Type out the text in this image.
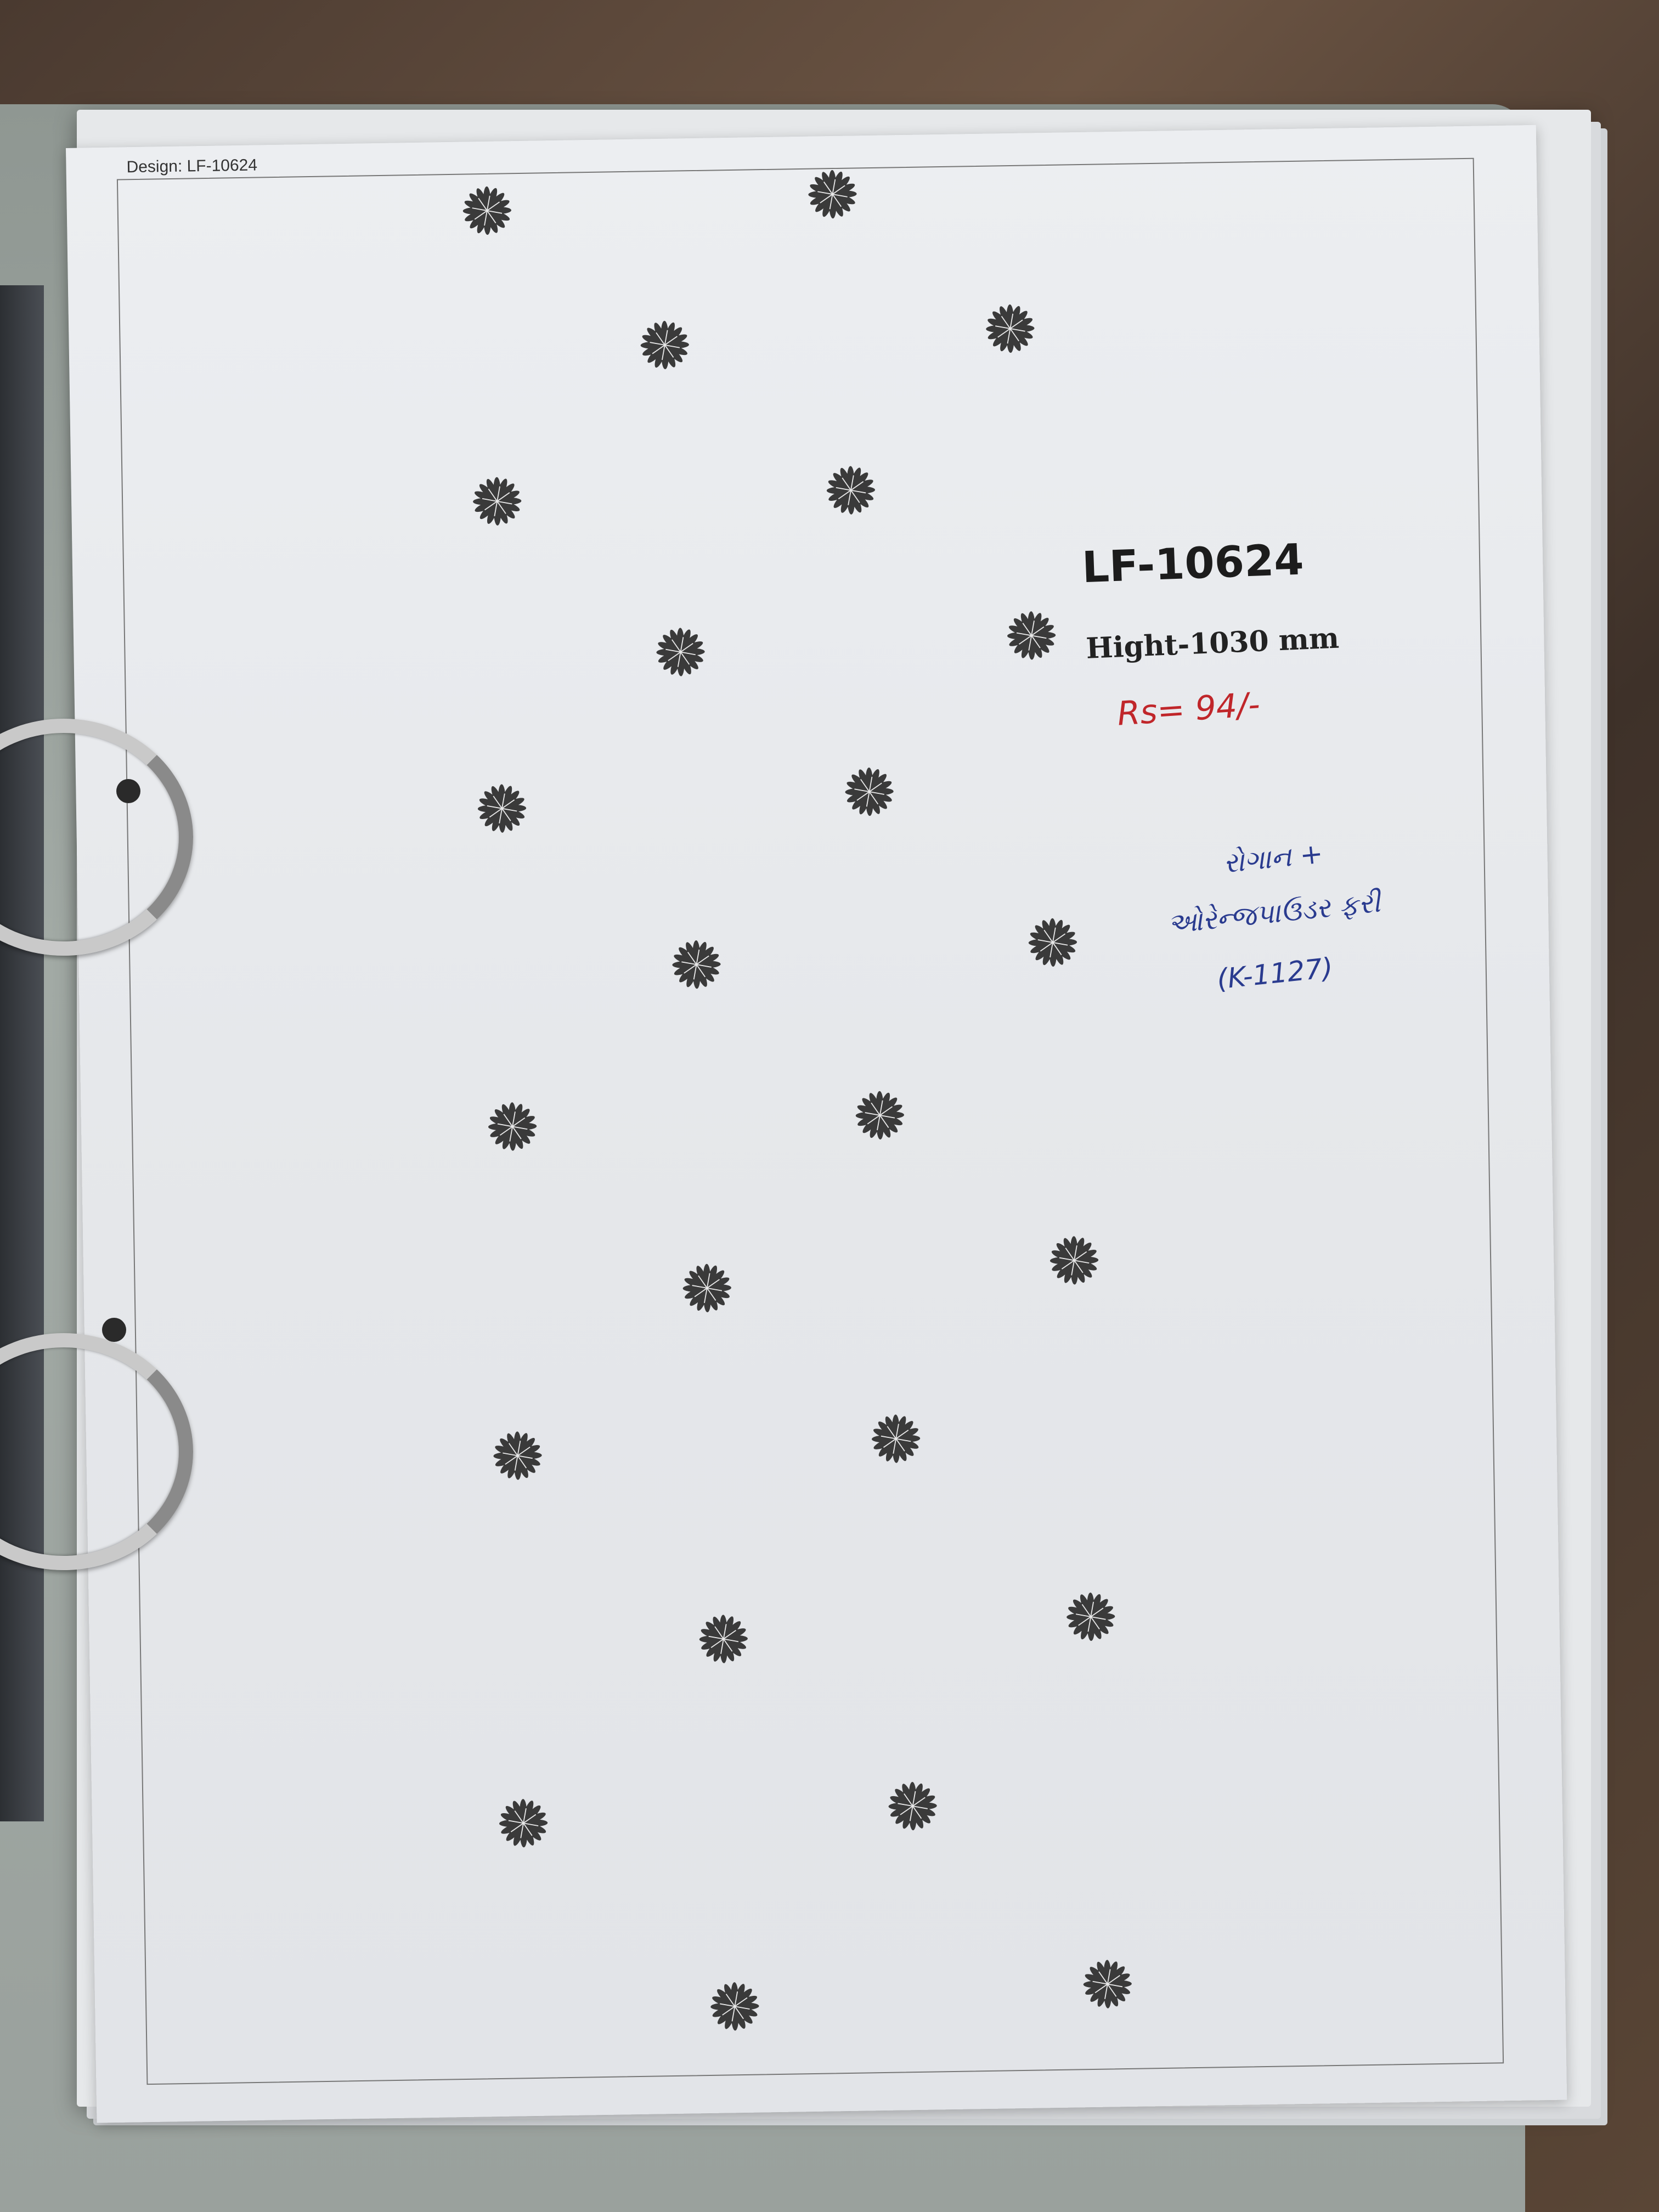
Design: LF-10624
LF-10624
Hight-1030 mm
Rs= 94/-
રોગાન +
ઓરેન્જપાઉડર ફરી
(K-1127)
